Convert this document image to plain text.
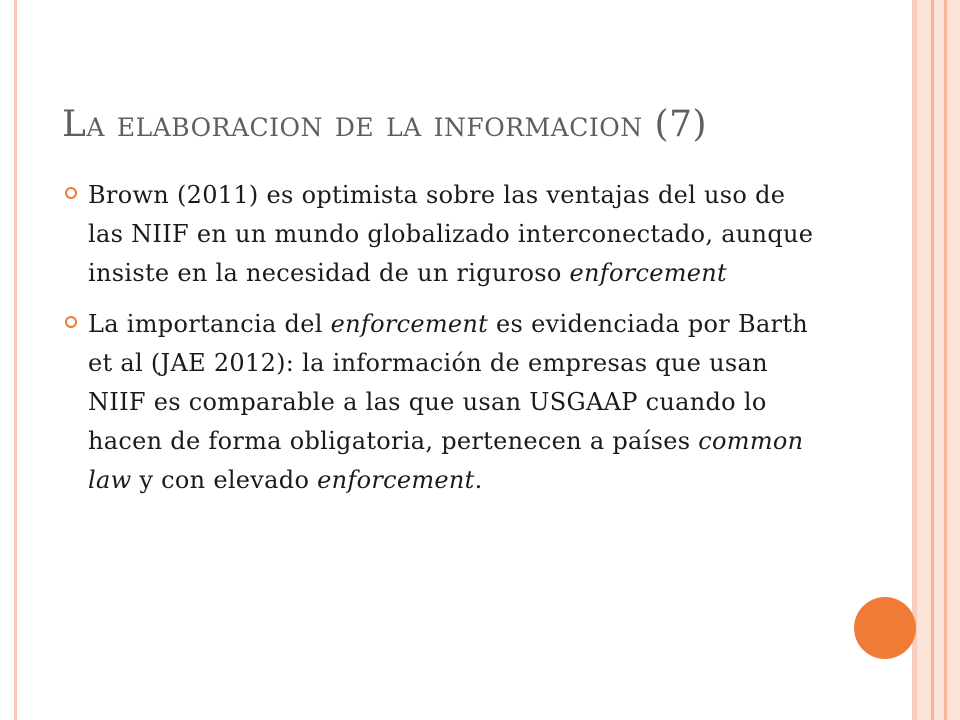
La elaboracion de la informacion (7)
Brown (2011) es optimista sobre las ventajas del uso de las NIIF en un mundo globalizado interconectado, aunque insiste en la necesidad de un riguroso enforcement
La importancia del enforcement es evidenciada por Barth et al (JAE 2012): la información de empresas que usan NIIF es comparable a las que usan USGAAP cuando lo hacen de forma obligatoria, pertenecen a países common law y con elevado enforcement.
